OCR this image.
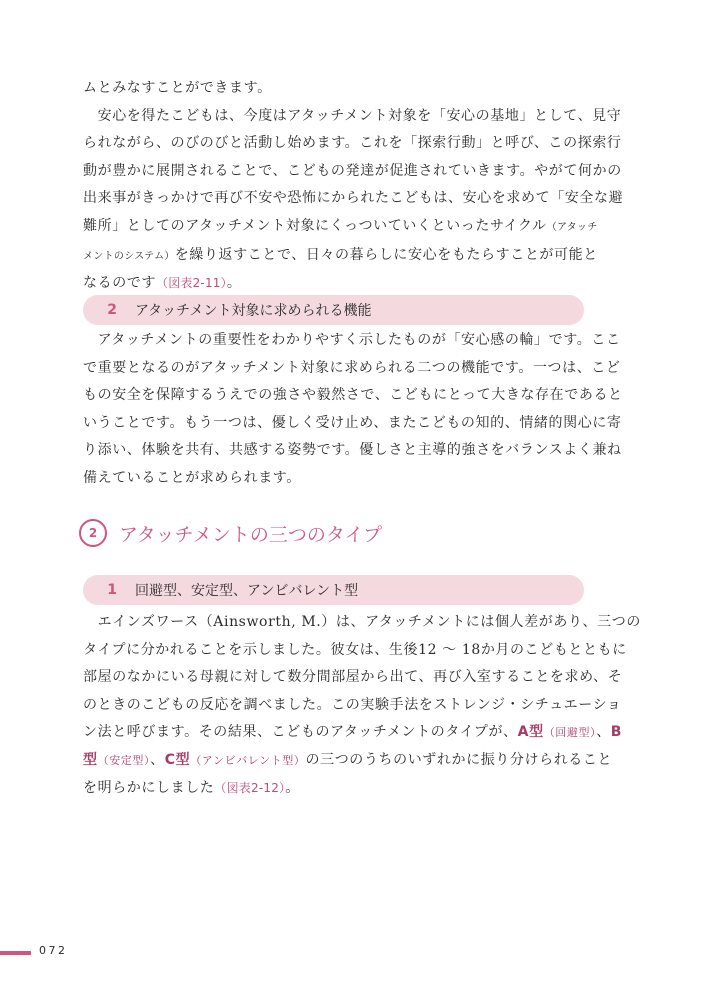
ムとみなすことができます。
　安心を得たこどもは、今度はアタッチメント対象を「安心の基地」として、見守
られながら、のびのびと活動し始めます。これを「探索行動」と呼び、この探索行
動が豊かに展開されることで、こどもの発達が促進されていきます。やがて何かの
出来事がきっかけで再び不安や恐怖にかられたこどもは、安心を求めて「安全な避
難所」としてのアタッチメント対象にくっついていくといったサイクル（アタッチ
メントのシステム）を繰り返すことで、日々の暮らしに安心をもたらすことが可能と
なるのです（図表2-11）。

2	アタッチメント対象に求められる機能

　アタッチメントの重要性をわかりやすく示したものが「安心感の輪」です。ここ
で重要となるのがアタッチメント対象に求められる二つの機能です。一つは、こど
もの安全を保障するうえでの強さや毅然さで、こどもにとって大きな存在であると
いうことです。もう一つは、優しく受け止め、またこどもの知的、情緒的関心に寄
り添い、体験を共有、共感する姿勢です。優しさと主導的強さをバランスよく兼ね
備えていることが求められます。

2	アタッチメントの三つのタイプ
1	回避型、安定型、アンビバレント型

　エインズワース（Ainsworth, M.）は、アタッチメントには個人差があり、三つの
タイプに分かれることを示しました。彼女は、生後12 ～ 18か月のこどもとともに
部屋のなかにいる母親に対して数分間部屋から出て、再び入室することを求め、そ
のときのこどもの反応を調べました。この実験手法をストレンジ・シチュエーショ
ン法と呼びます。その結果、こどものアタッチメントのタイプが、A型（回避型）、B
型（安定型）、C型（アンビバレント型）の三つのうちのいずれかに振り分けられること
を明らかにしました（図表2-12）。

072
